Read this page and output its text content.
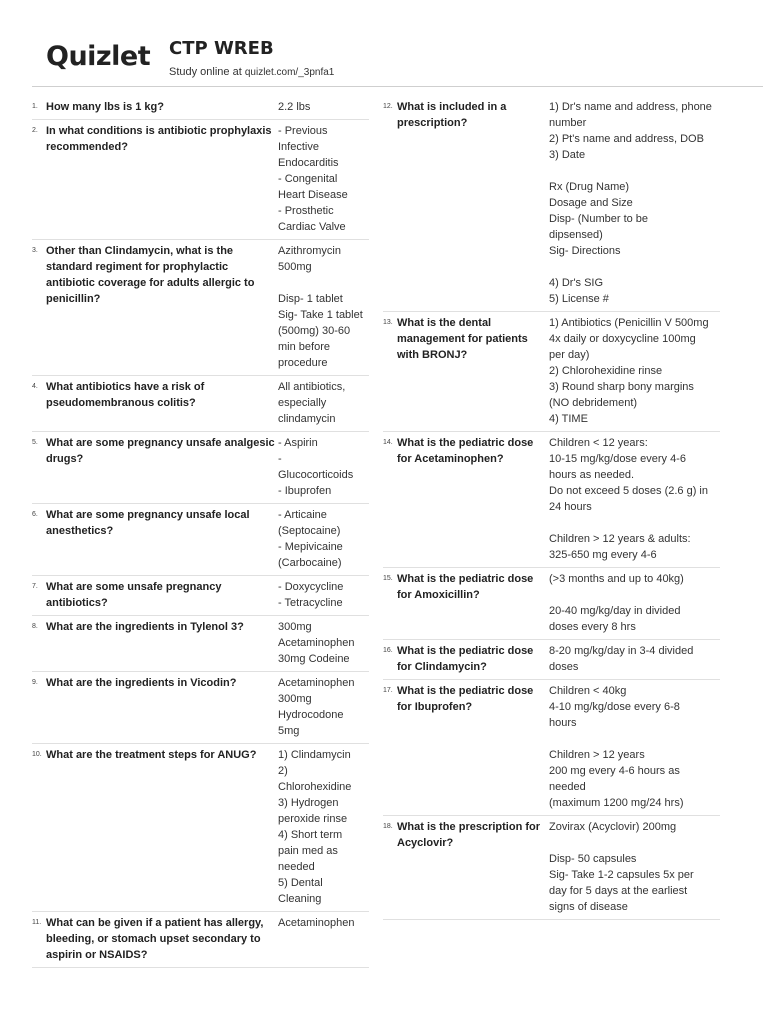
Quizlet CTP WREB
Study online at quizlet.com/_3pnfa1
1. How many lbs is 1 kg?	2.2 lbs
2. In what conditions is antibiotic prophylaxis recommended?
- Previous
Infective
Endocarditis
- Congenital
Heart Disease
- Prosthetic
Cardiac Valve
3. Other than Clindamycin, what is the standard regiment for prophylactic antibiotic coverage for adults allergic to penicillin?
Azithromycin
500mg

Disp- 1 tablet
Sig- Take 1 tablet
(500mg) 30-60
min before
procedure
4. What antibiotics have a risk of pseudomembranous colitis?
All antibiotics,
especially
clindamycin
5. What are some pregnancy unsafe analgesic drugs?
- Aspirin
-
Glucocorticoids
- Ibuprofen
6. What are some pregnancy unsafe local anesthetics?
- Articaine
(Septocaine)
- Mepivicaine
(Carbocaine)
7. What are some unsafe pregnancy antibiotics?
- Doxycycline
- Tetracycline
8. What are the ingredients in Tylenol 3?	300mg
Acetaminophen
30mg Codeine
9. What are the ingredients in Vicodin?	Acetaminophen
300mg
Hydrocodone
5mg
10. What are the treatment steps for ANUG?	1) Clindamycin
2)
Chlorohexidine
3) Hydrogen
peroxide rinse
4) Short term
pain med as
needed
5) Dental
Cleaning
11. What can be given if a patient has allergy, bleeding, or stomach upset secondary to aspirin or NSAIDS?
Acetaminophen
12. What is included in a prescription?
1) Dr's name and address, phone
number
2) Pt's name and address, DOB
3) Date

Rx (Drug Name)
Dosage and Size
Disp- (Number to be
dipsensed)
Sig- Directions

4) Dr's SIG
5) License #
13. What is the dental management for patients with BRONJ?
1) Antibiotics (Penicillin V 500mg
4x daily or doxycycline 100mg
per day)
2) Chlorohexidine rinse
3) Round sharp bony margins
(NO debridement)
4) TIME
14. What is the pediatric dose for Acetaminophen?
Children < 12 years:
10-15 mg/kg/dose every 4-6
hours as needed.
Do not exceed 5 doses (2.6 g) in
24 hours

Children > 12 years & adults:
325-650 mg every 4-6
15. What is the pediatric dose for Amoxicillin?
(>3 months and up to 40kg)

20-40 mg/kg/day in divided
doses every 8 hrs
16. What is the pediatric dose for Clindamycin?
8-20 mg/kg/day in 3-4 divided
doses
17. What is the pediatric dose for Ibuprofen?
Children < 40kg
4-10 mg/kg/dose every 6-8
hours

Children > 12 years
200 mg every 4-6 hours as
needed
(maximum 1200 mg/24 hrs)
18. What is the prescription for Acyclovir?
Zovirax (Acyclovir) 200mg

Disp- 50 capsules
Sig- Take 1-2 capsules 5x per
day for 5 days at the earliest
signs of disease
